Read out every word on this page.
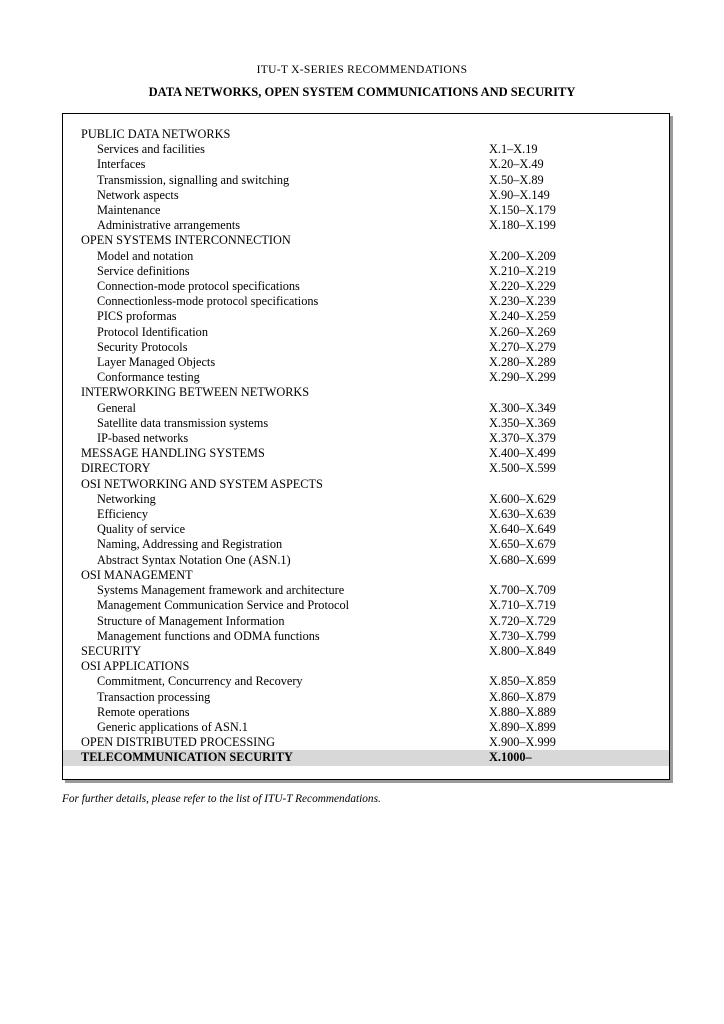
ITU-T X-SERIES RECOMMENDATIONS
DATA NETWORKS, OPEN SYSTEM COMMUNICATIONS AND SECURITY
PUBLIC DATA NETWORKS	
Services and facilities	X.1–X.19
Interfaces	X.20–X.49
Transmission, signalling and switching	X.50–X.89
Network aspects	X.90–X.149
Maintenance	X.150–X.179
Administrative arrangements	X.180–X.199
OPEN SYSTEMS INTERCONNECTION	
Model and notation	X.200–X.209
Service definitions	X.210–X.219
Connection-mode protocol specifications	X.220–X.229
Connectionless-mode protocol specifications	X.230–X.239
PICS proformas	X.240–X.259
Protocol Identification	X.260–X.269
Security Protocols	X.270–X.279
Layer Managed Objects	X.280–X.289
Conformance testing	X.290–X.299
INTERWORKING BETWEEN NETWORKS	
General	X.300–X.349
Satellite data transmission systems	X.350–X.369
IP-based networks	X.370–X.379
MESSAGE HANDLING SYSTEMS	X.400–X.499
DIRECTORY	X.500–X.599
OSI NETWORKING AND SYSTEM ASPECTS	
Networking	X.600–X.629
Efficiency	X.630–X.639
Quality of service	X.640–X.649
Naming, Addressing and Registration	X.650–X.679
Abstract Syntax Notation One (ASN.1)	X.680–X.699
OSI MANAGEMENT	
Systems Management framework and architecture	X.700–X.709
Management Communication Service and Protocol	X.710–X.719
Structure of Management Information	X.720–X.729
Management functions and ODMA functions	X.730–X.799
SECURITY	X.800–X.849
OSI APPLICATIONS	
Commitment, Concurrency and Recovery	X.850–X.859
Transaction processing	X.860–X.879
Remote operations	X.880–X.889
Generic applications of ASN.1	X.890–X.899
OPEN DISTRIBUTED PROCESSING	X.900–X.999
TELECOMMUNICATION SECURITY	X.1000–
For further details, please refer to the list of ITU-T Recommendations.
